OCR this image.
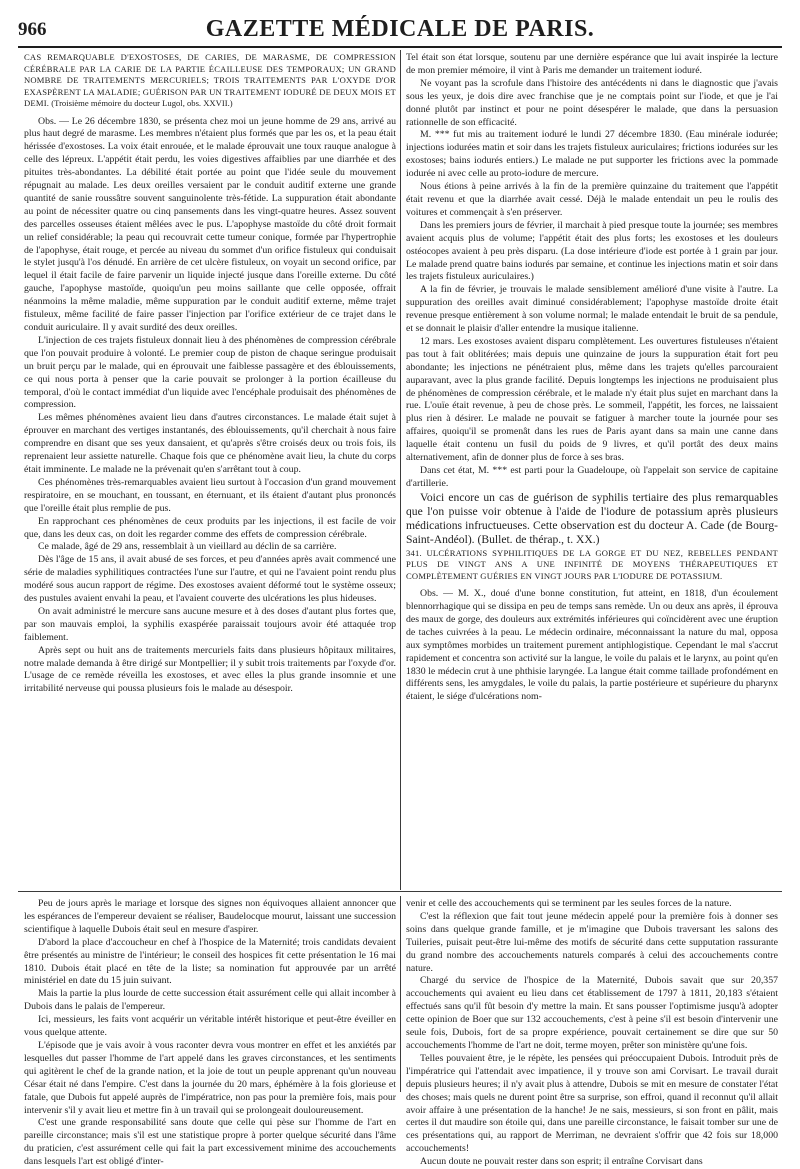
966	GAZETTE MÉDICALE DE PARIS.
CAS REMARQUABLE D'EXOSTOSES, DE CARIES, DE MARASME, DE COMPRESSION CÉRÉBRALE PAR LA CARIE DE LA PARTIE ÉCAILLEUSE DES TEMPORAUX; UN GRAND NOMBRE DE TRAITEMENTS MERCURIELS; TROIS TRAITEMENTS PAR L'OXYDE D'OR EXASPÈRENT LA MALADIE; GUÉRISON PAR UN TRAITEMENT IODURÉ DE DEUX MOIS ET DEMI. (Troisième mémoire du docteur Lugol, obs. XXVII.)

Obs. — Le 26 décembre 1830, se présenta chez moi un jeune homme de 29 ans, arrivé au plus haut degré de marasme. Les membres n'étaient plus formés que par les os, et la peau était hérissée d'exostoses. La voix était enrouée, et le malade éprouvait une toux rauque analogue à celle des lépreux. L'appétit était perdu, les voies digestives affaiblies par une diarrhée et des pituites très-abondantes. La débilité était portée au point que l'idée seule du mouvement répugnait au malade. Les deux oreilles versaient par le conduit auditif externe une grande quantité de sanie roussâtre souvent sanguinolente très-fétide. La suppuration était abondante au point de nécessiter quatre ou cinq pansements dans les vingt-quatre heures. Assez souvent des parcelles osseuses étaient mêlées avec le pus. L'apophyse mastoïde du côté droit formait un relief considérable; la peau qui recouvrait cette tumeur conique, formée par l'hypertrophie de l'apophyse, était rouge, et percée au niveau du sommet d'un orifice fistuleux qui conduisait le stylet jusqu'à l'os dénudé. En arrière de cet ulcère fistuleux, on voyait un second orifice, par lequel il était facile de faire parvenir un liquide injecté jusque dans l'oreille externe. Du côté gauche, l'apophyse mastoïde, quoiqu'un peu moins saillante que celle opposée, offrait néanmoins la même maladie, même suppuration par le conduit auditif externe, même trajet fistuleux, même facilité de faire passer l'injection par l'orifice extérieur de ce trajet dans le conduit auriculaire. Il y avait surdité des deux oreilles.

L'injection de ces trajets fistuleux donnait lieu à des phénomènes de compression cérébrale que l'on pouvait produire à volonté. Le premier coup de piston de chaque seringue produisait un bruit perçu par le malade, qui en éprouvait une faiblesse passagère et des éblouissements, ce qui nous porta à penser que la carie pouvait se prolonger à la portion écailleuse du temporal, d'où le contact immédiat d'un liquide avec l'encéphale produisait des phénomènes de compression.

Les mêmes phénomènes avaient lieu dans d'autres circonstances. Le malade était sujet à éprouver en marchant des vertiges instantanés, des éblouissements, qu'il cherchait à nous faire comprendre en disant que ses yeux dansaient, et qu'après s'être croisés deux ou trois fois, ils reprenaient leur assiette naturelle. Chaque fois que ce phénomène avait lieu, la chute du corps était imminente. Le malade ne la prévenait qu'en s'arrêtant tout à coup.

Ces phénomènes très-remarquables avaient lieu surtout à l'occasion d'un grand mouvement respiratoire, en se mouchant, en toussant, en éternuant, et ils étaient d'autant plus prononcés que l'oreille était plus remplie de pus.

En rapprochant ces phénomènes de ceux produits par les injections, il est facile de voir que, dans les deux cas, on doit les regarder comme des effets de compression cérébrale.

Ce malade, âgé de 29 ans, ressemblait à un vieillard au déclin de sa carrière.

Dès l'âge de 15 ans, il avait abusé de ses forces, et peu d'années après avait commencé une série de maladies syphilitiques contractées l'une sur l'autre, et qui ne l'avaient point rendu plus modéré sous aucun rapport de régime. Des exostoses avaient déformé tout le système osseux; des pustules avaient envahi la peau, et l'avaient couverte des ulcérations les plus hideuses.

On avait administré le mercure sans aucune mesure et à des doses d'autant plus fortes que, par son mauvais emploi, la syphilis exaspérée paraissait toujours avoir été attaquée trop faiblement.

Après sept ou huit ans de traitements mercuriels faits dans plusieurs hôpitaux militaires, notre malade demanda à être dirigé sur Montpellier; il y subit trois traitements par l'oxyde d'or. L'usage de ce remède réveilla les exostoses, et avec elles la plus grande insomnie et une irritabilité nerveuse qui poussa plusieurs fois le malade au désespoir.

Tel était son état lorsque, soutenu par une dernière espérance que lui avait inspirée la lecture de mon premier mémoire, il vint à Paris me demander un traitement ioduré.

Ne voyant pas la scrofule dans l'histoire des antécédents ni dans le diagnostic que j'avais sous les yeux, je dois dire avec franchise que je ne comptais point sur l'iode, et que je l'ai donné plutôt par instinct et pour ne point désespérer le malade, que dans la persuasion rationnelle de son efficacité.

M. *** fut mis au traitement ioduré le lundi 27 décembre 1830. (Eau minérale iodurée; injections iodurées matin et soir dans les trajets fistuleux auriculaires; frictions iodurées sur les exostoses; bains iodurés entiers.) Le malade ne put supporter les frictions avec la pommade iodurée ni avec celle au proto-iodure de mercure.

Nous étions à peine arrivés à la fin de la première quinzaine du traitement que l'appétit était revenu et que la diarrhée avait cessé. Déjà le malade entendait un peu le roulis des voitures et commençait à s'en préserver.

Dans les premiers jours de février, il marchait à pied presque toute la journée; ses membres avaient acquis plus de volume; l'appétit était des plus forts; les exostoses et les douleurs ostéocopes avaient à peu près disparu. (La dose intérieure d'iode est portée à 1 grain par jour. Le malade prend quatre bains iodurés par semaine, et continue les injections matin et soir dans les trajets fistuleux auriculaires.)

A la fin de février, je trouvais le malade sensiblement amélioré d'une visite à l'autre. La suppuration des oreilles avait diminué considérablement; l'apophyse mastoïde droite était revenue presque entièrement à son volume normal; le malade entendait le bruit de sa pendule, et se donnait le plaisir d'aller entendre la musique italienne.

12 mars. Les exostoses avaient disparu complètement. Les ouvertures fistuleuses n'étaient pas tout à fait oblitérées; mais depuis une quinzaine de jours la suppuration était fort peu abondante; les injections ne pénétraient plus, même dans les trajets qu'elles parcouraient auparavant, avec la plus grande facilité. Depuis longtemps les injections ne produisaient plus de phénomènes de compression cérébrale, et le malade n'y était plus sujet en marchant dans la rue. L'ouïe était revenue, à peu de chose près. Le sommeil, l'appétit, les forces, ne laissaient plus rien à désirer. Le malade ne pouvait se fatiguer à marcher toute la journée pour ses affaires, quoiqu'il se promenât dans les rues de Paris ayant dans sa main une canne dans laquelle était contenu un fusil du poids de 9 livres, et qu'il portât des deux mains alternativement, afin de donner plus de force à ses bras.

Dans cet état, M. *** est parti pour la Guadeloupe, où l'appelait son service de capitaine d'artillerie.

Voici encore un cas de guérison de syphilis tertiaire des plus remarquables que l'on puisse voir obtenue à l'aide de l'iodure de potassium après plusieurs médications infructueuses. Cette observation est du docteur A. Cade (de Bourg-Saint-Andéol). (Bullet. de thérap., t. XX.)

341. ULCÉRATIONS SYPHILITIQUES DE LA GORGE ET DU NEZ, REBELLES PENDANT PLUS DE VINGT ANS A UNE INFINITÉ DE MOYENS THÉRAPEUTIQUES ET COMPLÈTEMENT GUÉRIES EN VINGT JOURS PAR L'IODURE DE POTASSIUM.

Obs. — M. X., doué d'une bonne constitution, fut atteint, en 1818, d'un écoulement blennorrhagique qui se dissipa en peu de temps sans remède. Un ou deux ans après, il éprouva des maux de gorge, des douleurs aux extrémités inférieures qui coïncidèrent avec une éruption de taches cuivrées à la peau. Le médecin ordinaire, méconnaissant la nature du mal, opposa aux symptômes morbides un traitement purement antiphlogistique. Cependant le mal s'accrut rapidement et concentra son activité sur la langue, le voile du palais et le larynx, au point qu'en 1830 le médecin crut à une phthisie laryngée. La langue était comme taillade profondément en différents sens, les amygdales, le voile du palais, la partie postérieure et supérieure du pharynx étaient, le siége d'ulcérations nom-

Peu de jours après le mariage et lorsque des signes non équivoques allaient annoncer que les espérances de l'empereur devaient se réaliser, Baudelocque mourut, laissant une succession scientifique à laquelle Dubois était seul en mesure d'aspirer.

D'abord la place d'accoucheur en chef à l'hospice de la Maternité; trois candidats devaient être présentés au ministre de l'intérieur; le conseil des hospices fit cette présentation le 16 mai 1810. Dubois était placé en tête de la liste; sa nomination fut approuvée par un arrêté ministériel en date du 15 juin suivant.

Mais la partie la plus lourde de cette succession était assurément celle qui allait incomber à Dubois dans le palais de l'empereur.

Ici, messieurs, les faits vont acquérir un véritable intérêt historique et peut-être éveiller en vous quelque attente.

L'épisode que je vais avoir à vous raconter devra vous montrer en effet et les anxiétés par lesquelles dut passer l'homme de l'art appelé dans les graves circonstances, et les sentiments qui agitèrent le chef de la grande nation, et la joie de tout un peuple apprenant qu'un nouveau César était né dans l'empire. C'est dans la journée du 20 mars, éphémère à la fois glorieuse et fatale, que Dubois fut appelé auprès de l'impératrice, non pas pour la première fois, mais pour intervenir s'il y avait lieu et mettre fin à un travail qui se prolongeait douloureusement.

C'est une grande responsabilité sans doute que celle qui pèse sur l'homme de l'art en pareille circonstance; mais s'il est une statistique propre à porter quelque sécurité dans l'âme du praticien, c'est assurément celle qui fait la part excessivement minime des accouchements dans lesquels l'art est obligé d'inter-

venir et celle des accouchements qui se terminent par les seules forces de la nature.

C'est la réflexion que fait tout jeune médecin appelé pour la première fois à donner ses soins dans quelque grande famille, et je m'imagine que Dubois traversant les salons des Tuileries, puisait peut-être lui-même des motifs de sécurité dans cette supputation rassurante du grand nombre des accouchements naturels comparés à celui des accouchements contre nature.

Chargé du service de l'hospice de la Maternité, Dubois savait que sur 20,357 accouchements qui avaient eu lieu dans cet établissement de 1797 à 1811, 20,183 s'étaient effectués sans qu'il fût besoin d'y mettre la main. Et sans pousser l'optimisme jusqu'à adopter cette opinion de Boer que sur 132 accouchements, c'est à peine s'il est besoin d'intervenir une seule fois, Dubois, fort de sa propre expérience, pouvait certainement se dire que sur 50 accouchements l'homme de l'art ne doit, terme moyen, prêter son ministère qu'une fois.

Telles pouvaient être, je le répète, les pensées qui préoccupaient Dubois. Introduit près de l'impératrice qui l'attendait avec impatience, il y trouve son ami Corvisart. Le travail durait depuis plusieurs heures; il n'y avait plus à attendre, Dubois se mit en mesure de constater l'état des choses; mais quels ne durent point être sa surprise, son effroi, quand il reconnut qu'il allait avoir affaire à une présentation de la hanche! Je ne sais, messieurs, si son front en pâlit, mais certes il dut maudire son étoile qui, dans une pareille circonstance, le faisait tomber sur une de ces présentations qui, au rapport de Merriman, ne devraient s'offrir que 42 fois sur 18,000 accouchements!

Aucun doute ne pouvait rester dans son esprit; il entraîne Corvisart dans
